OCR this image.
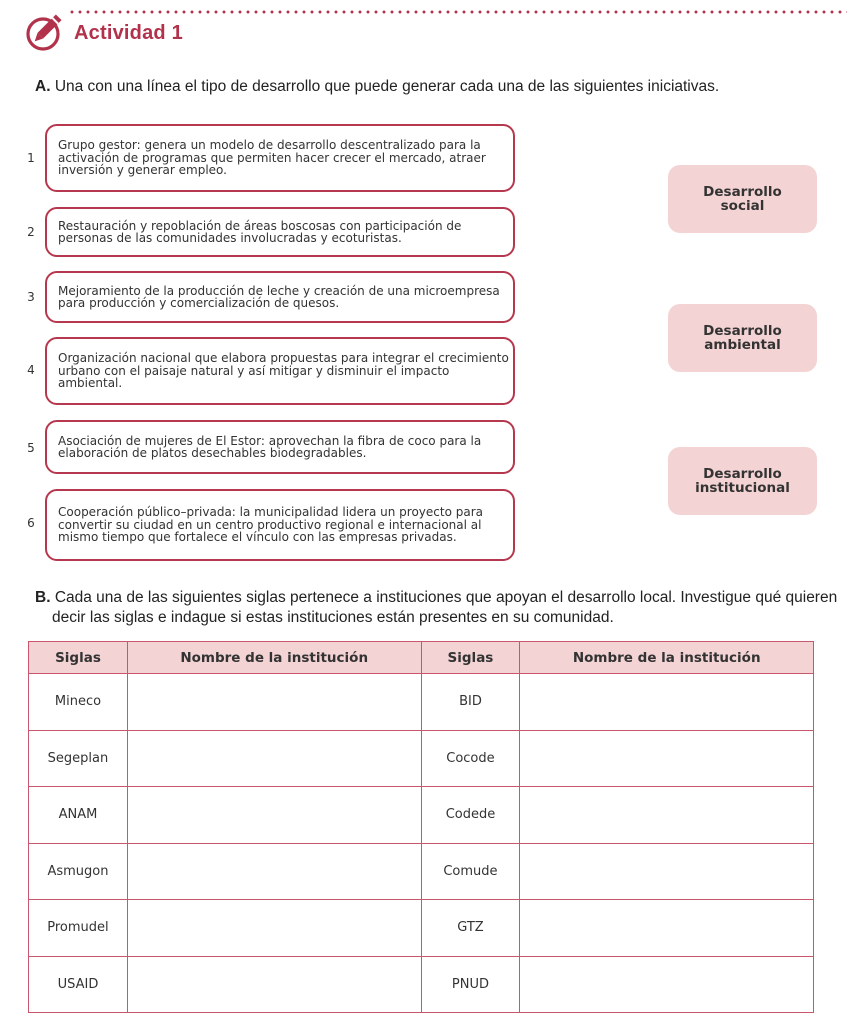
Actividad 1
A. Una con una línea el tipo de desarrollo que puede generar cada una de las siguientes iniciativas.
1
Grupo gestor: genera un modelo de desarrollo descentralizado para la activación de programas que permiten hacer crecer el mercado, atraer inversión y generar empleo.
2 Restauración y repoblación de áreas boscosas con participación de personas de las comunidades involucradas y ecoturistas.
3 Mejoramiento de la producción de leche y creación de una microempresa para producción y comercialización de quesos.
4
Organización nacional que elabora propuestas para integrar el crecimiento urbano con el paisaje natural y así mitigar y disminuir el impacto ambiental.
5
Asociación de mujeres de El Estor: aprovechan la fibra de coco para la elaboración de platos desechables biodegradables.
6
Cooperación público–privada: la municipalidad lidera un proyecto para convertir su ciudad en un centro productivo regional e internacional al mismo tiempo que fortalece el vínculo con las empresas privadas.
Desarrollo
social
Desarrollo
ambiental
Desarrollo
institucional
B. Cada una de las siguientes siglas pertenece a instituciones que apoyan el desarrollo local. Investigue qué quieren decir las siglas e indague si estas instituciones están presentes en su comunidad.
Siglas	Nombre de la institución	Siglas	Nombre de la institución
Mineco		BID	
Segeplan		Cocode	
ANAM		Codede	
Asmugon		Comude	
Promudel		GTZ	
USAID		PNUD	
